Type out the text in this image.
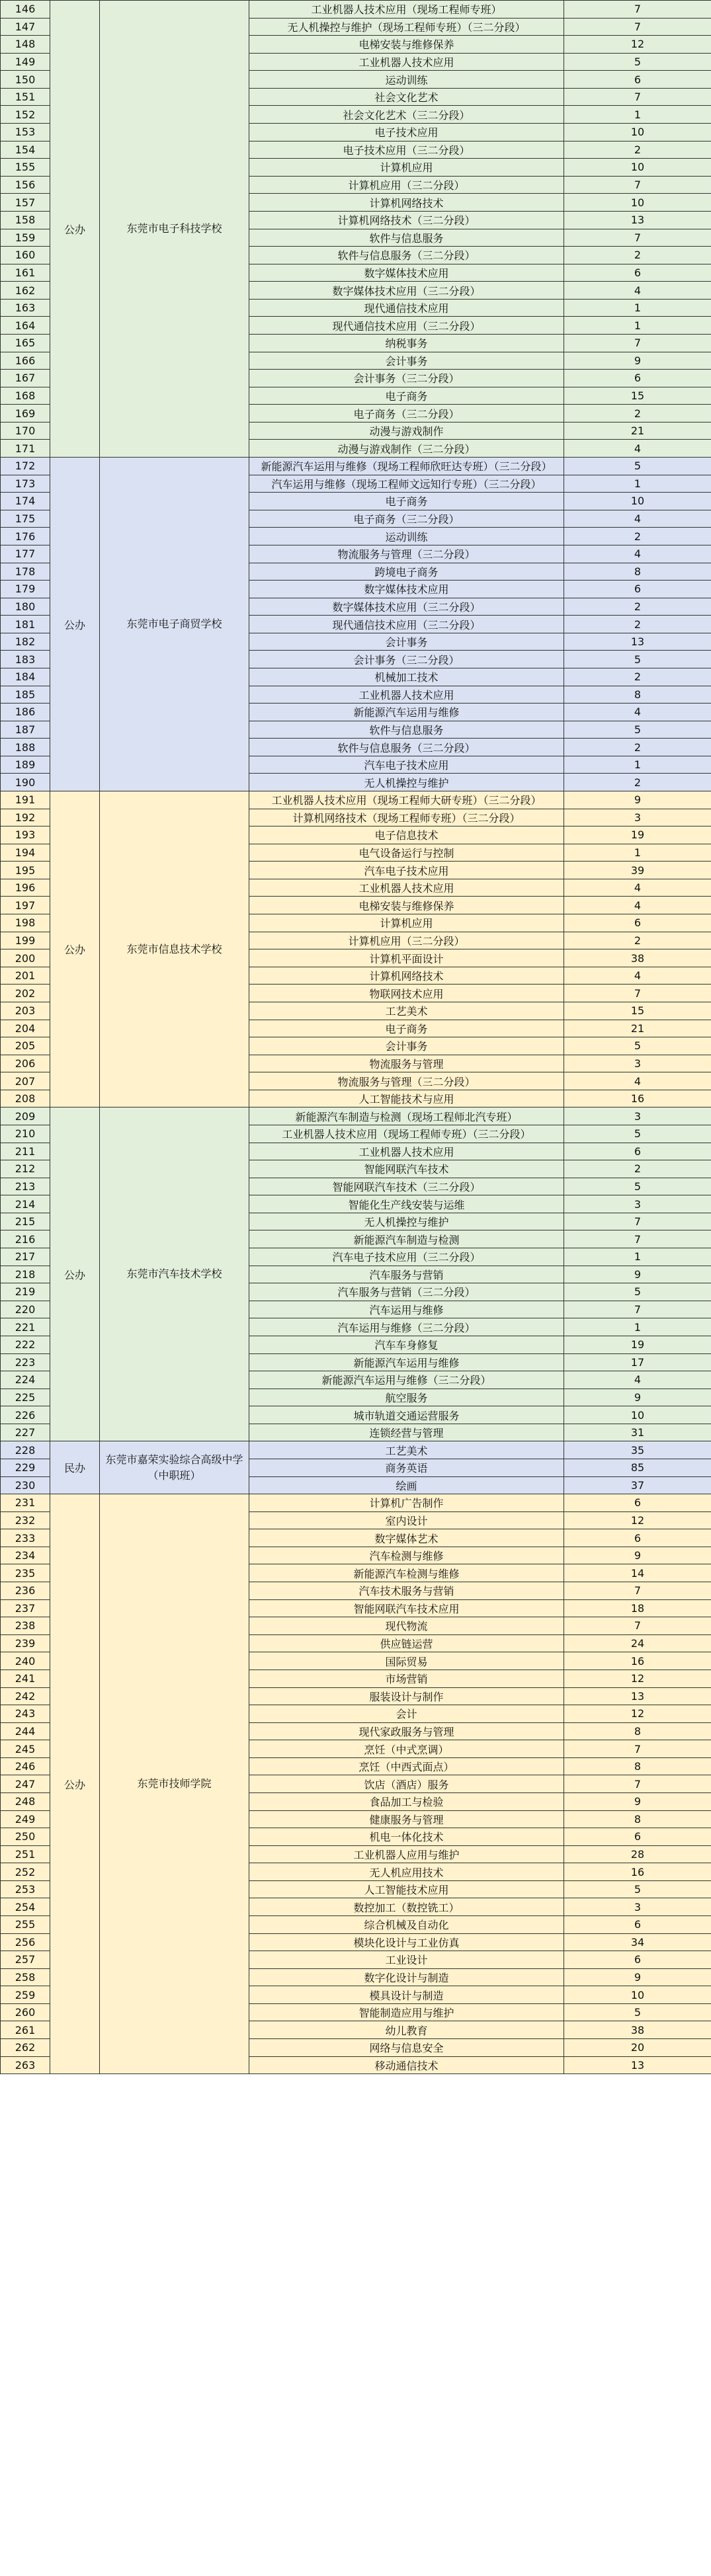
146	公办	东莞市电子科技学校	工业机器人技术应用（现场工程师专班）	7
147			无人机操控与维护（现场工程师专班）（三二分段）	7
148			电梯安装与维修保养	12
149			工业机器人技术应用	5
150			运动训练	6
151			社会文化艺术	7
152			社会文化艺术（三二分段）	1
153			电子技术应用	10
154			电子技术应用（三二分段）	2
155			计算机应用	10
156			计算机应用（三二分段）	7
157			计算机网络技术	10
158			计算机网络技术（三二分段）	13
159			软件与信息服务	7
160			软件与信息服务（三二分段）	2
161			数字媒体技术应用	6
162			数字媒体技术应用（三二分段）	4
163			现代通信技术应用	1
164			现代通信技术应用（三二分段）	1
165			纳税事务	7
166			会计事务	9
167			会计事务（三二分段）	6
168			电子商务	15
169			电子商务（三二分段）	2
170			动漫与游戏制作	21
171			动漫与游戏制作（三二分段）	4
172	公办	东莞市电子商贸学校	新能源汽车运用与维修（现场工程师欣旺达专班）（三二分段）	5
173			汽车运用与维修（现场工程师文远知行专班）（三二分段）	1
174			电子商务	10
175			电子商务（三二分段）	4
176			运动训练	2
177			物流服务与管理（三二分段）	4
178			跨境电子商务	8
179			数字媒体技术应用	6
180			数字媒体技术应用（三二分段）	2
181			现代通信技术应用（三二分段）	2
182			会计事务	13
183			会计事务（三二分段）	5
184			机械加工技术	2
185			工业机器人技术应用	8
186			新能源汽车运用与维修	4
187			软件与信息服务	5
188			软件与信息服务（三二分段）	2
189			汽车电子技术应用	1
190			无人机操控与维护	2
191	公办	东莞市信息技术学校	工业机器人技术应用（现场工程师大研专班）（三二分段）	9
192			计算机网络技术（现场工程师专班）（三二分段）	3
193			电子信息技术	19
194			电气设备运行与控制	1
195			汽车电子技术应用	39
196			工业机器人技术应用	4
197			电梯安装与维修保养	4
198			计算机应用	6
199			计算机应用（三二分段）	2
200			计算机平面设计	38
201			计算机网络技术	4
202			物联网技术应用	7
203			工艺美术	15
204			电子商务	21
205			会计事务	5
206			物流服务与管理	3
207			物流服务与管理（三二分段）	4
208			人工智能技术与应用	16
209	公办	东莞市汽车技术学校	新能源汽车制造与检测（现场工程师北汽专班）	3
210			工业机器人技术应用（现场工程师专班）（三二分段）	5
211			工业机器人技术应用	6
212			智能网联汽车技术	2
213			智能网联汽车技术（三二分段）	5
214			智能化生产线安装与运维	3
215			无人机操控与维护	7
216			新能源汽车制造与检测	7
217			汽车电子技术应用（三二分段）	1
218			汽车服务与营销	9
219			汽车服务与营销（三二分段）	5
220			汽车运用与维修	7
221			汽车运用与维修（三二分段）	1
222			汽车车身修复	19
223			新能源汽车运用与维修	17
224			新能源汽车运用与维修（三二分段）	4
225			航空服务	9
226			城市轨道交通运营服务	10
227			连锁经营与管理	31
228	民办	东莞市嘉荣实验综合高级中学（中职班）	工艺美术	35
229			商务英语	85
230			绘画	37
231	公办	东莞市技师学院	计算机广告制作	6
232			室内设计	12
233			数字媒体艺术	6
234			汽车检测与维修	9
235			新能源汽车检测与维修	14
236			汽车技术服务与营销	7
237			智能网联汽车技术应用	18
238			现代物流	7
239			供应链运营	24
240			国际贸易	16
241			市场营销	12
242			服装设计与制作	13
243			会计	12
244			现代家政服务与管理	8
245			烹饪（中式烹调）	7
246			烹饪（中西式面点）	8
247			饮店（酒店）服务	7
248			食品加工与检验	9
249			健康服务与管理	8
250			机电一体化技术	6
251			工业机器人应用与维护	28
252			无人机应用技术	16
253			人工智能技术应用	5
254			数控加工（数控铣工）	3
255			综合机械及自动化	6
256			模块化设计与工业仿真	34
257			工业设计	6
258			数字化设计与制造	9
259			模具设计与制造	10
260			智能制造应用与维护	5
261			幼儿教育	38
262			网络与信息安全	20
263			移动通信技术	13
